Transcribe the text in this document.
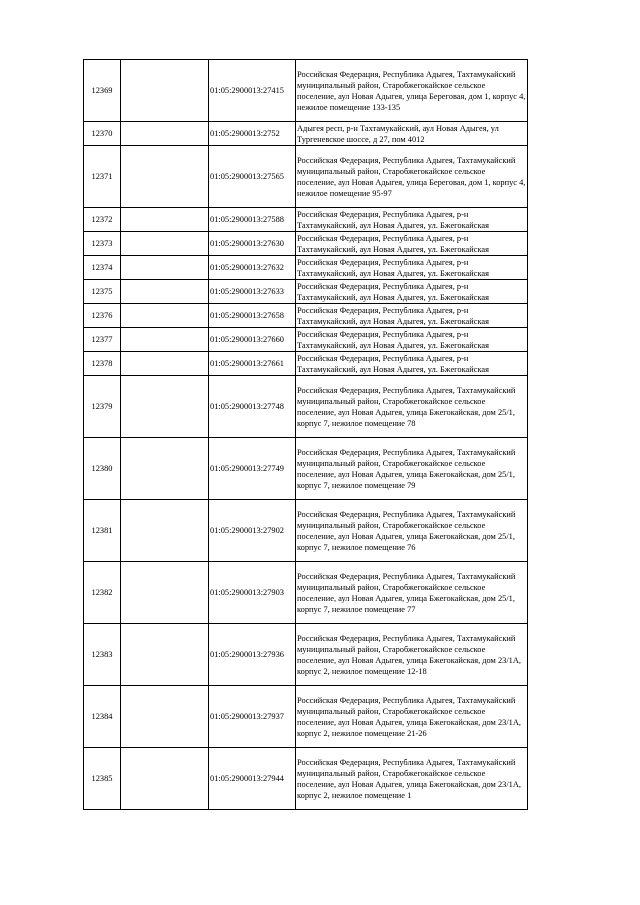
12369		01:05:2900013:27415	Российская Федерация, Республика Адыгея, Тахтамукайский муниципальный район, Старобжегокайское сельское поселение, аул Новая Адыгея, улица Береговая, дом 1, корпус 4, нежилое помещение 133-135
12370		01:05:2900013:2752	Адыгея респ, р-н Тахтамукайский, аул Новая Адыгея, ул Тургеневское шоссе, д 27, пом 4012
12371		01:05:2900013:27565	Российская Федерация, Республика Адыгея, Тахтамукайский муниципальный район, Старобжегокайское сельское поселение, аул Новая Адыгея, улица Береговая, дом 1, корпус 4, нежилое помещение 95-97
12372		01:05:2900013:27588	Российская Федерация, Республика Адыгея, р-н Тахтамукайский, аул Новая Адыгея, ул. Бжегокайская
12373		01:05:2900013:27630	Российская Федерация, Республика Адыгея, р-н Тахтамукайский, аул Новая Адыгея, ул. Бжегокайская
12374		01:05:2900013:27632	Российская Федерация, Республика Адыгея, р-н Тахтамукайский, аул Новая Адыгея, ул. Бжегокайская
12375		01:05:2900013:27633	Российская Федерация, Республика Адыгея, р-н Тахтамукайский, аул Новая Адыгея, ул. Бжегокайская
12376		01:05:2900013:27658	Российская Федерация, Республика Адыгея, р-н Тахтамукайский, аул Новая Адыгея, ул. Бжегокайская
12377		01:05:2900013:27660	Российская Федерация, Республика Адыгея, р-н Тахтамукайский, аул Новая Адыгея, ул. Бжегокайская
12378		01:05:2900013:27661	Российская Федерация, Республика Адыгея, р-н Тахтамукайский, аул Новая Адыгея, ул. Бжегокайская
12379		01:05:2900013:27748	Российская Федерация, Республика Адыгея, Тахтамукайский муниципальный район, Старобжегокайское сельское поселение, аул Новая Адыгея, улица Бжегокайская, дом 25/1, корпус 7, нежилое помещение 78
12380		01:05:2900013:27749	Российская Федерация, Республика Адыгея, Тахтамукайский муниципальный район, Старобжегокайское сельское поселение, аул Новая Адыгея, улица Бжегокайская, дом 25/1, корпус 7, нежилое помещение 79
12381		01:05:2900013:27902	Российская Федерация, Республика Адыгея, Тахтамукайский муниципальный район, Старобжегокайское сельское поселение, аул Новая Адыгея, улица Бжегокайская, дом 25/1, корпус 7, нежилое помещение 76
12382		01:05:2900013:27903	Российская Федерация, Республика Адыгея, Тахтамукайский муниципальный район, Старобжегокайское сельское поселение, аул Новая Адыгея, улица Бжегокайская, дом 25/1, корпус 7, нежилое помещение 77
12383		01:05:2900013:27936	Российская Федерация, Республика Адыгея, Тахтамукайский муниципальный район, Старобжегокайское сельское поселение, аул Новая Адыгея, улица Бжегокайская, дом 23/1А, корпус 2, нежилое помещение 12-18
12384		01:05:2900013:27937	Российская Федерация, Республика Адыгея, Тахтамукайский муниципальный район, Старобжегокайское сельское поселение, аул Новая Адыгея, улица Бжегокайская, дом 23/1А, корпус 2, нежилое помещение 21-26
12385		01:05:2900013:27944	Российская Федерация, Республика Адыгея, Тахтамукайский муниципальный район, Старобжегокайское сельское поселение, аул Новая Адыгея, улица Бжегокайская, дом 23/1А, корпус 2, нежилое помещение 1
